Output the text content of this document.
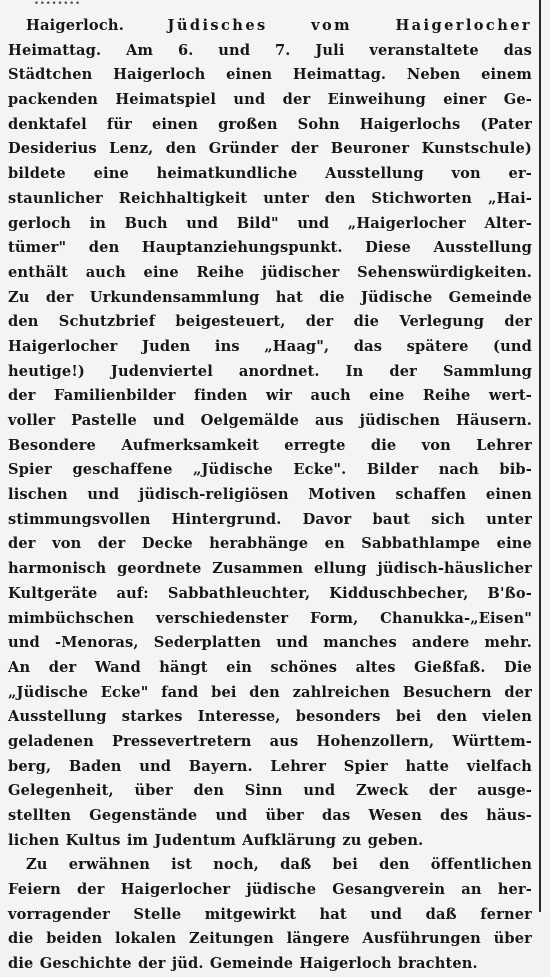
........
Haigerloch.	Jüdisches vom Haigerlocher
Heimattag. Am 6. und 7. Juli veranstaltete das
Städtchen Haigerloch einen Heimattag. Neben einem
packenden Heimatspiel und der Einweihung einer Ge-
denktafel für einen großen Sohn Haigerlochs (Pater
Desiderius Lenz, den Gründer der Beuroner Kunstschule)
bildete eine heimatkundliche Ausstellung von er-
staunlicher Reichhaltigkeit unter den Stichworten „Hai-
gerloch in Buch und Bild" und „Haigerlocher Alter-
tümer" den Hauptanziehungspunkt. Diese Ausstellung
enthält auch eine Reihe jüdischer Sehenswürdigkeiten.
Zu der Urkundensammlung hat die Jüdische Gemeinde
den Schutzbrief beigesteuert, der die Verlegung der
Haigerlocher Juden ins „Haag", das spätere (und
heutige!) Judenviertel anordnet. In der Sammlung
der Familienbilder finden wir auch eine Reihe wert-
voller Pastelle und Oelgemälde aus jüdischen Häusern.
Besondere Aufmerksamkeit erregte die von Lehrer
Spier geschaffene „Jüdische Ecke". Bilder nach bib-
lischen und jüdisch-religiösen Motiven schaffen einen
stimmungsvollen Hintergrund. Davor baut sich unter
der von der Decke herabhänge en Sabbathlampe eine
harmonisch geordnete Zusammen ellung jüdisch-häuslicher
Kultgeräte auf: Sabbathleuchter, Kidduschbecher, B'ßo-
mimbüchschen verschiedenster Form, Chanukka-„Eisen"
und -Menoras, Sederplatten und manches andere mehr.
An der Wand hängt ein schönes altes Gießfaß. Die
„Jüdische Ecke" fand bei den zahlreichen Besuchern der
Ausstellung starkes Interesse, besonders bei den vielen
geladenen Pressevertretern aus Hohenzollern, Württem-
berg, Baden und Bayern. Lehrer Spier hatte vielfach
Gelegenheit, über den Sinn und Zweck der ausge-
stellten Gegenstände und über das Wesen des häus-
lichen Kultus im Judentum Aufklärung zu geben.
Zu erwähnen ist noch, daß bei den öffentlichen
Feiern der Haigerlocher jüdische Gesangverein an her-
vorragender Stelle mitgewirkt hat und daß ferner
die beiden lokalen Zeitungen längere Ausführungen über
die Geschichte der jüd. Gemeinde Haigerloch brachten.
